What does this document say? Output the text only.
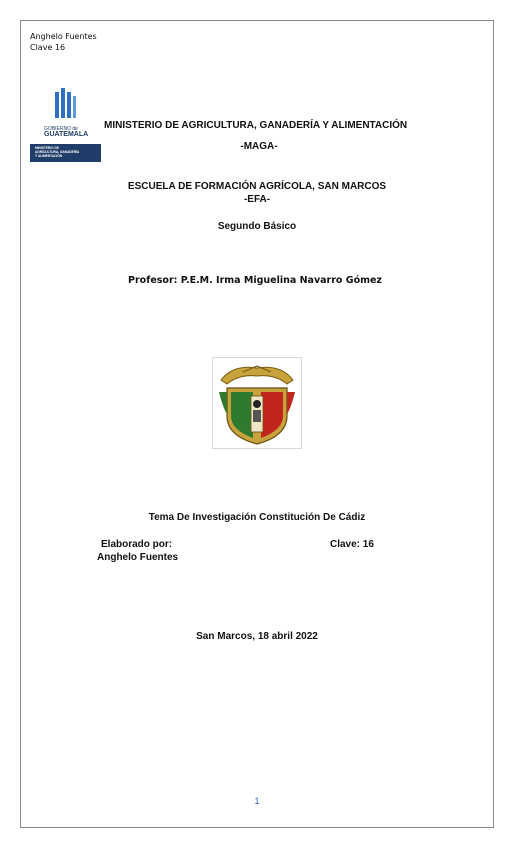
Anghelo Fuentes
Clave 16
GOBIERNO de
GUATEMALA
MINISTERIO DE
AGRICULTURA, GANADERÍA
Y ALIMENTACIÓN
MINISTERIO DE AGRICULTURA, GANADERÍA Y ALIMENTACIÓN
-MAGA-
ESCUELA DE FORMACIÓN AGRÍCOLA, SAN MARCOS
-EFA-
Segundo Básico
Profesor: P.E.M. Irma Miguelina Navarro Gómez
Tema De Investigación Constitución De Cádiz
Elaborado por:
Anghelo Fuentes
Clave: 16
San Marcos, 18 abril 2022
1
